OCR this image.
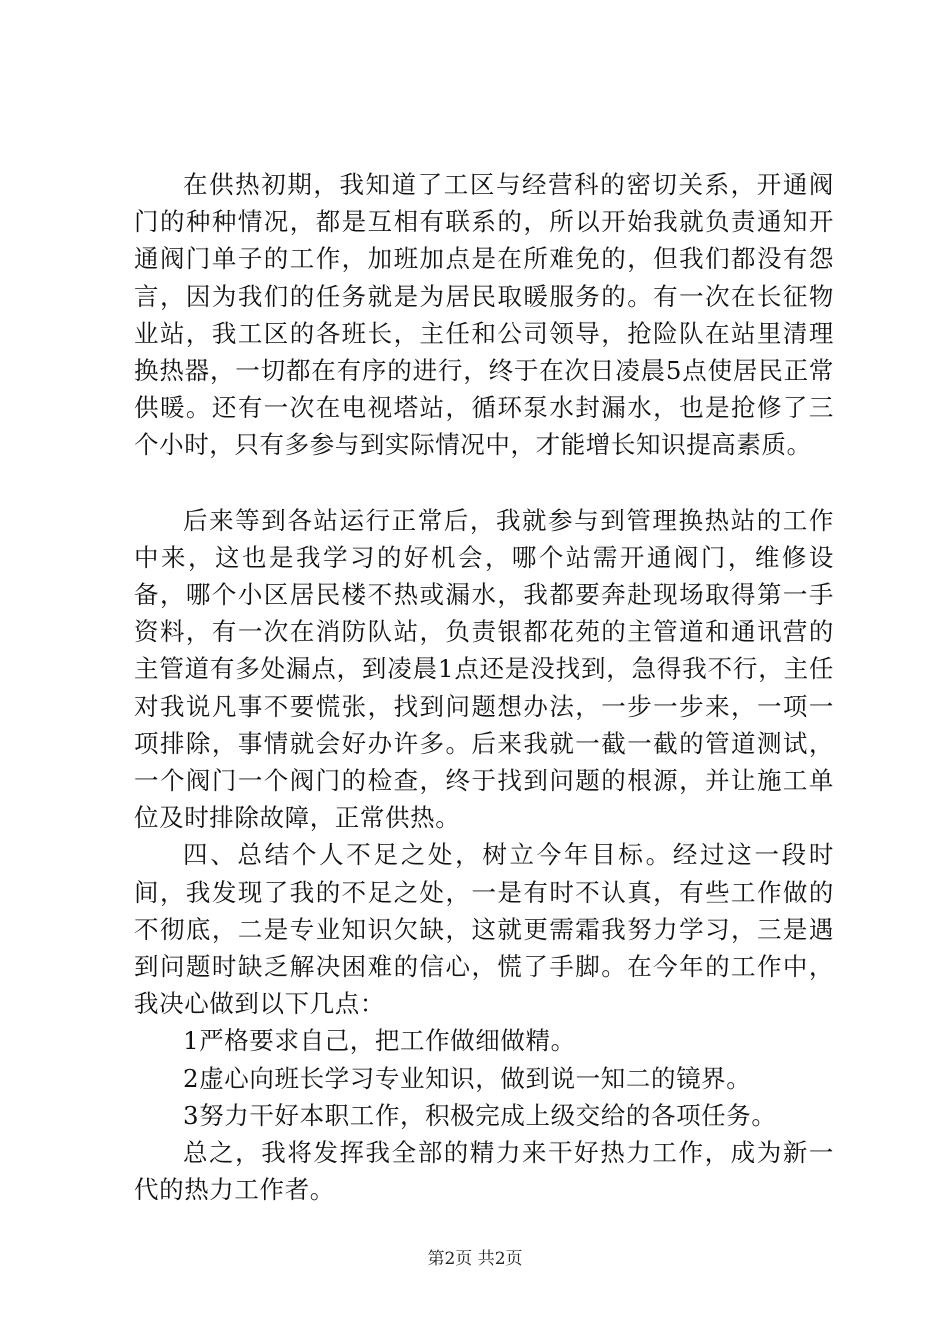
在供热初期，我知道了工区与经营科的密切关系，开通阀门的种种情况，都是互相有联系的，所以开始我就负责通知开通阀门单子的工作，加班加点是在所难免的，但我们都没有怨言，因为我们的任务就是为居民取暖服务的。有一次在长征物业站，我工区的各班长，主任和公司领导，抢险队在站里清理换热器，一切都在有序的进行，终于在次日凌晨5点使居民正常供暖。还有一次在电视塔站，循环泵水封漏水，也是抢修了三个小时，只有多参与到实际情况中，才能增长知识提高素质。

后来等到各站运行正常后，我就参与到管理换热站的工作中来，这也是我学习的好机会，哪个站需开通阀门，维修设备，哪个小区居民楼不热或漏水，我都要奔赴现场取得第一手资料，有一次在消防队站，负责银都花苑的主管道和通讯营的主管道有多处漏点，到凌晨1点还是没找到，急得我不行，主任对我说凡事不要慌张，找到问题想办法，一步一步来，一项一项排除，事情就会好办许多。后来我就一截一截的管道测试，一个阀门一个阀门的检查，终于找到问题的根源，并让施工单位及时排除故障，正常供热。

四、总结个人不足之处，树立今年目标。经过这一段时间，我发现了我的不足之处，一是有时不认真，有些工作做的不彻底，二是专业知识欠缺，这就更需霜我努力学习，三是遇到问题时缺乏解决困难的信心，慌了手脚。在今年的工作中，我决心做到以下几点：

1严格要求自己，把工作做细做精。

2虚心向班长学习专业知识，做到说一知二的镜界。

3努力干好本职工作，积极完成上级交给的各项任务。

总之，我将发挥我全部的精力来干好热力工作，成为新一代的热力工作者。

第2页 共2页
